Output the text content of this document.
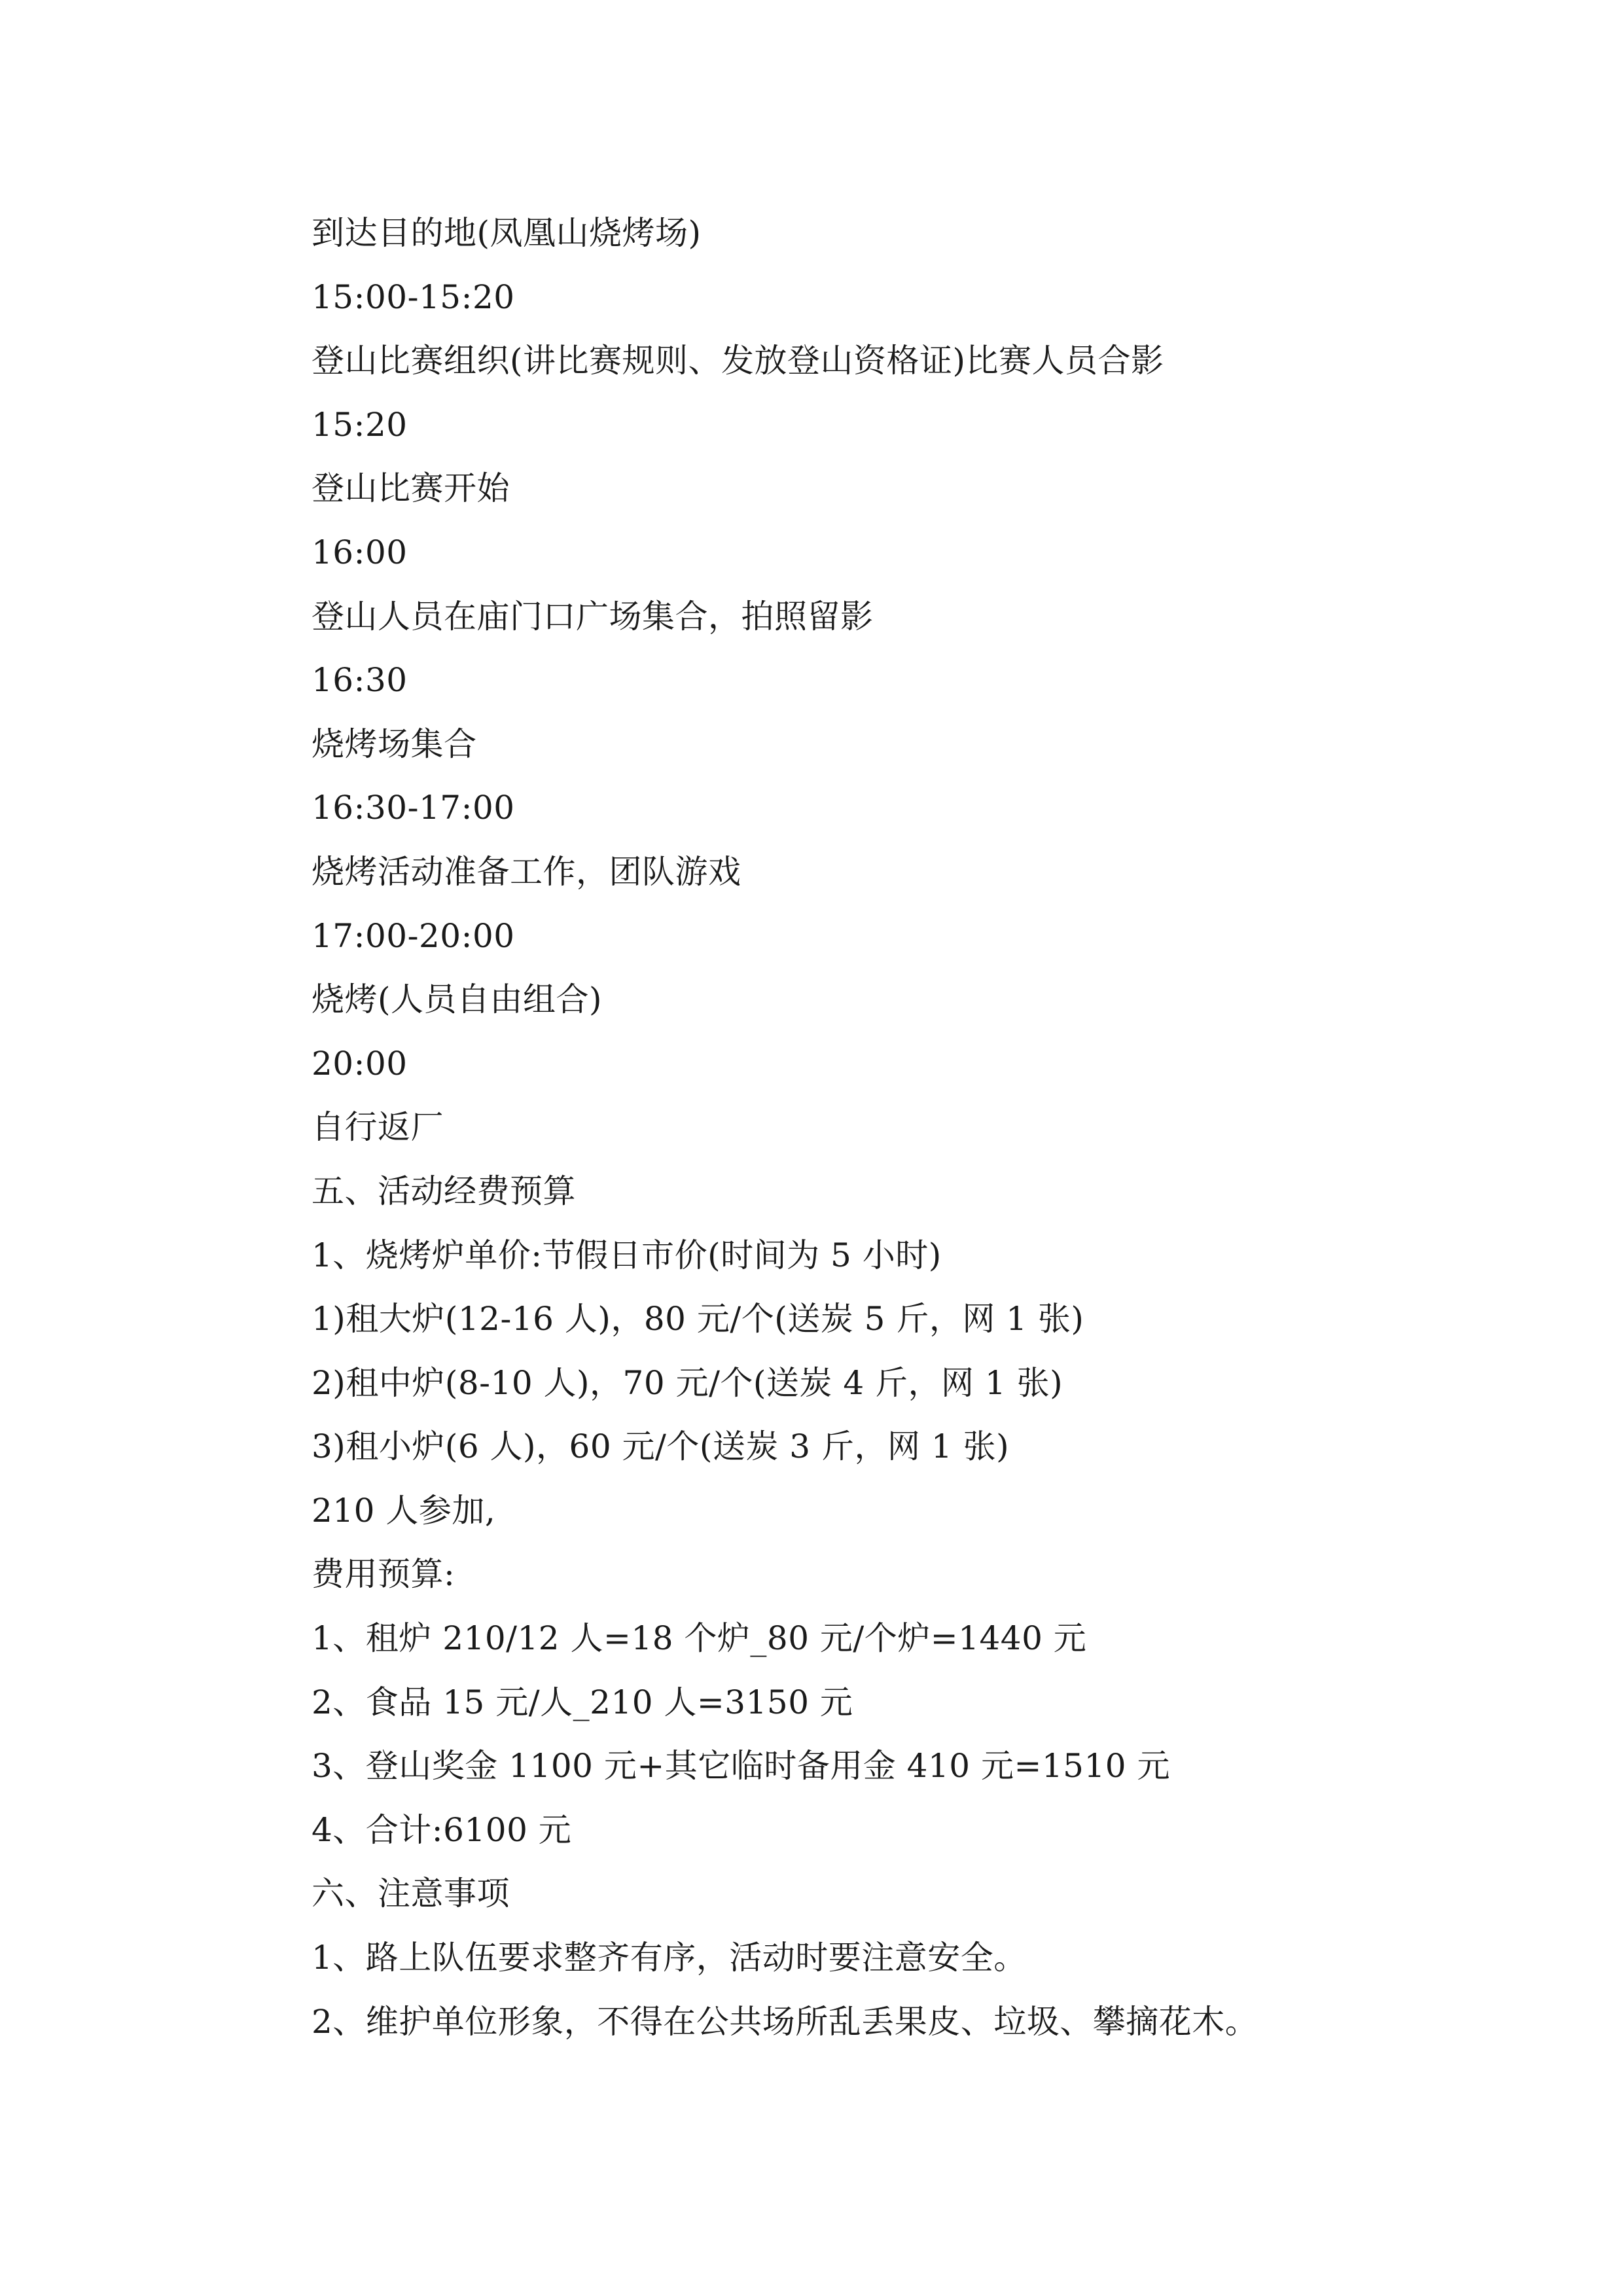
到达目的地(凤凰山烧烤场)
15:00-15:20
登山比赛组织(讲比赛规则、发放登山资格证)比赛人员合影
15:20
登山比赛开始
16:00
登山人员在庙门口广场集合，拍照留影
16:30
烧烤场集合
16:30-17:00
烧烤活动准备工作，团队游戏
17:00-20:00
烧烤(人员自由组合)
20:00
自行返厂
五、活动经费预算
1、烧烤炉单价:节假日市价(时间为 5 小时)
1)租大炉(12-16 人)，80 元/个(送炭 5 斤，网 1 张)
2)租中炉(8-10 人)，70 元/个(送炭 4 斤，网 1 张)
3)租小炉(6 人)，60 元/个(送炭 3 斤，网 1 张)
210 人参加,
费用预算:
1、租炉 210/12 人=18 个炉_80 元/个炉=1440 元
2、食品 15 元/人_210 人=3150 元
3、登山奖金 1100 元+其它临时备用金 410 元=1510 元
4、合计:6100 元
六、注意事项
1、路上队伍要求整齐有序，活动时要注意安全。
2、维护单位形象，不得在公共场所乱丢果皮、垃圾、攀摘花木。
